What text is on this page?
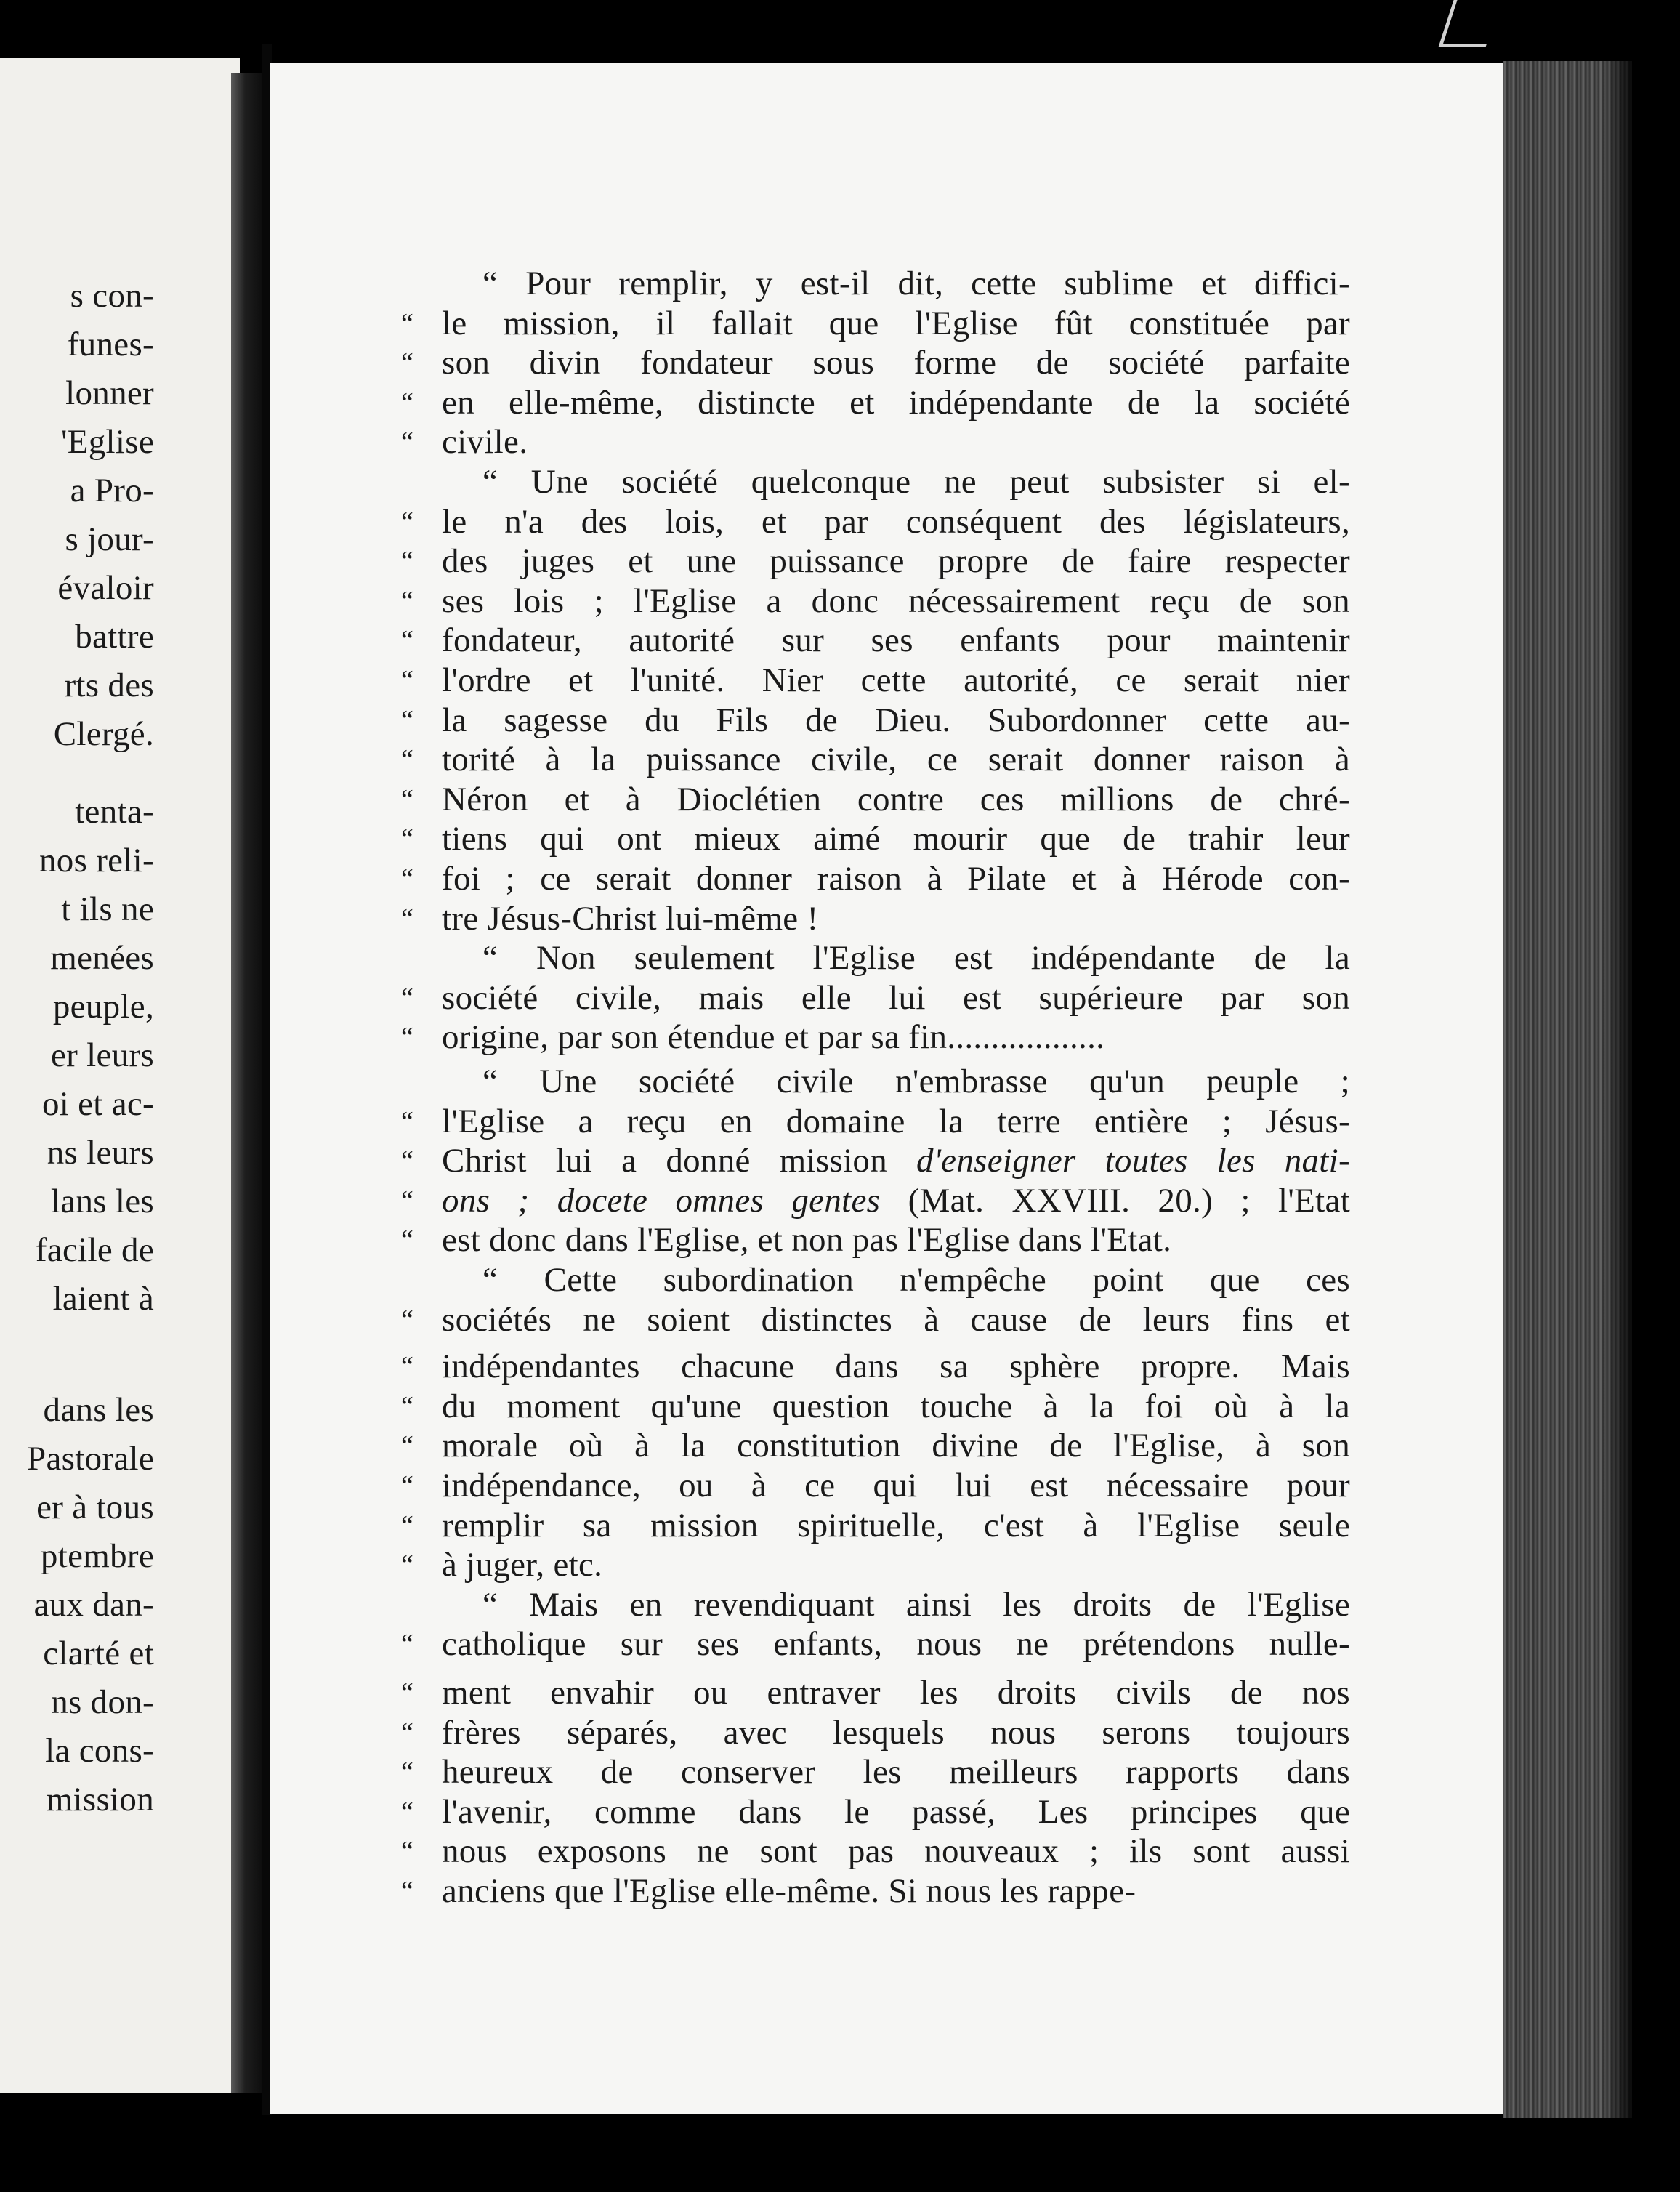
s con-
funes-
lonner
'Eglise
a Pro-
s jour-
évaloir
battre
rts des
Clergé.
tenta-
nos reli-
t ils ne
menées
peuple,
er leurs
oi et ac-
ns leurs
lans les
facile de
laient à
dans les
Pastorale
er à tous
ptembre
aux dan-
clarté et
ns don-
la cons-
mission
“ Pour remplir, y est-il dit, cette sublime et diffici-
le mission, il fallait que l'Eglise fût constituée par
“
son divin fondateur sous forme de société parfaite
“
en elle-même, distincte et indépendante de la société
“
civile.
“
“ Une société quelconque ne peut subsister si el-
le n'a des lois, et par conséquent des législateurs,
“
des juges et une puissance propre de faire respecter
“
ses lois ; l'Eglise a donc nécessairement reçu de son
“
fondateur, autorité sur ses enfants pour maintenir
“
l'ordre et l'unité. Nier cette autorité, ce serait nier
“
la sagesse du Fils de Dieu. Subordonner cette au-
“
torité à la puissance civile, ce serait donner raison à
“
Néron et à Dioclétien contre ces millions de chré-
“
tiens qui ont mieux aimé mourir que de trahir leur
“
foi ; ce serait donner raison à Pilate et à Hérode con-
“
tre Jésus-Christ lui-même !
“
“ Non seulement l'Eglise est indépendante de la
société civile, mais elle lui est supérieure par son
“
origine, par son étendue et par sa fin..................
“
“ Une société civile n'embrasse qu'un peuple ;
l'Eglise a reçu en domaine la terre entière ; Jésus-
“
est donc dans l'Eglise, et non pas l'Eglise dans l'Etat.
“
“ Cette subordination n'empêche point que ces
sociétés ne soient distinctes à cause de leurs fins et
“
indépendantes chacune dans sa sphère propre. Mais
“
du moment qu'une question touche à la foi où à la
“
morale où à la constitution divine de l'Eglise, à son
“
indépendance, ou à ce qui lui est nécessaire pour
“
remplir sa mission spirituelle, c'est à l'Eglise seule
“
à juger, etc.
“
“ Mais en revendiquant ainsi les droits de l'Eglise
catholique sur ses enfants, nous ne prétendons nulle-
“
ment envahir ou entraver les droits civils de nos
“
frères séparés, avec lesquels nous serons toujours
“
heureux de conserver les meilleurs rapports dans
“
l'avenir, comme dans le passé, Les principes que
“
nous exposons ne sont pas nouveaux ; ils sont aussi
“
anciens que l'Eglise elle-même. Si nous les rappe-
“
Christ lui a donné mission d'enseigner toutes les nati-
“
ons ; docete omnes gentes (Mat. XXVIII. 20.) ; l'Etat
“
